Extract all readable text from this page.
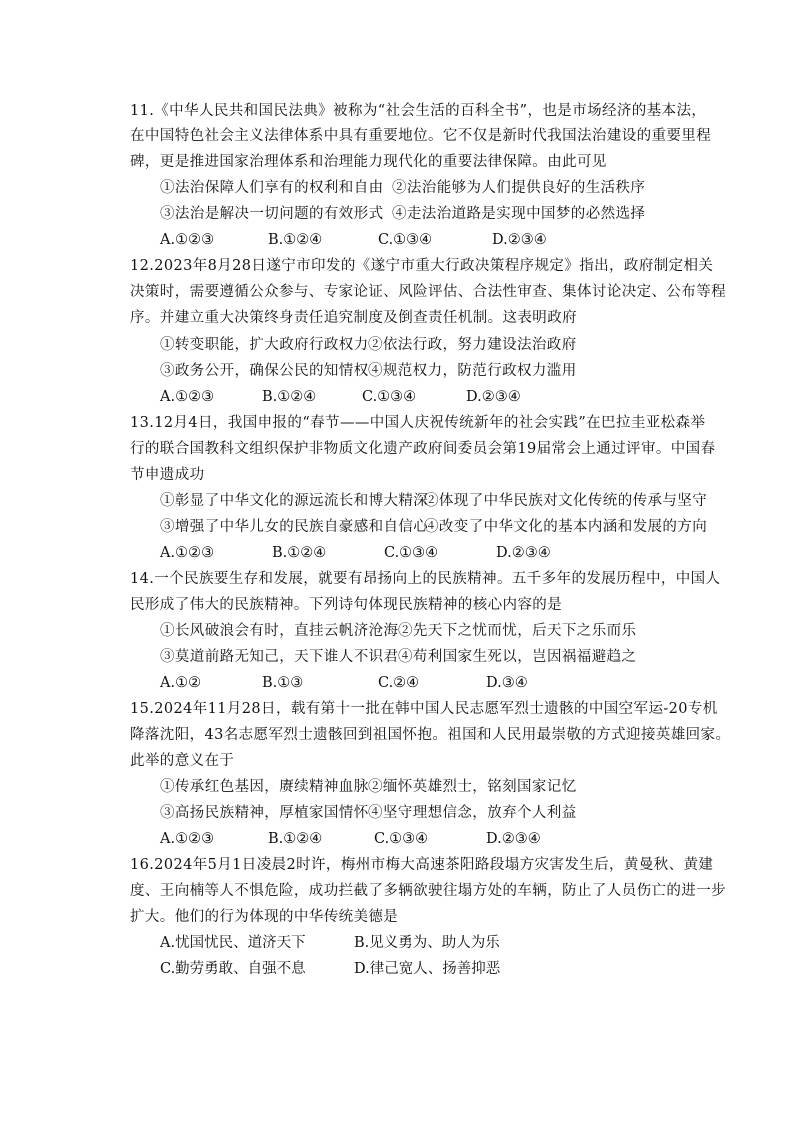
11.《中华人民共和国民法典》被称为“社会生活的百科全书”，也是市场经济的基本法，
在中国特色社会主义法律体系中具有重要地位。它不仅是新时代我国法治建设的重要里程
碑，更是推进国家治理体系和治理能力现代化的重要法律保障。由此可见
①法治保障人们享有的权利和自由 ②法治能够为人们提供良好的生活秩序
③法治是解决一切问题的有效形式 ④走法治道路是实现中国梦的必然选择
A.①②③	B.①②④	C.①③④	D.②③④
12.2023年8月28日遂宁市印发的《遂宁市重大行政决策程序规定》指出，政府制定相关
决策时，需要遵循公众参与、专家论证、风险评估、合法性审查、集体讨论决定、公布等程
序。并建立重大决策终身责任追究制度及倒查责任机制。这表明政府
①转变职能，扩大政府行政权力 ②依法行政，努力建设法治政府
③政务公开，确保公民的知情权 ④规范权力，防范行政权力滥用
A.①②③	B.①②④	C.①③④	D.②③④
13.12月4日，我国申报的“春节——中国人庆祝传统新年的社会实践”在巴拉圭亚松森举
行的联合国教科文组织保护非物质文化遗产政府间委员会第19届常会上通过评审。中国春
节申遗成功
①彰显了中华文化的源远流长和博大精深
②体现了中华民族对文化传统的传承与坚守
③增强了中华儿女的民族自豪感和自信心
④改变了中华文化的基本内涵和发展的方向
A.①②③	B.①②④	C.①③④	D.②③④
14.一个民族要生存和发展，就要有昂扬向上的民族精神。五千多年的发展历程中，中国人
民形成了伟大的民族精神。下列诗句体现民族精神的核心内容的是
①长风破浪会有时，直挂云帆济沧海 ②先天下之忧而忧，后天下之乐而乐
③莫道前路无知己，天下谁人不识君 ④苟利国家生死以，岂因祸福避趋之
A.①②	B.①③	C.②④	D.③④
15.2024年11月28日，载有第十一批在韩中国人民志愿军烈士遗骸的中国空军运-20专机
降落沈阳，43名志愿军烈士遗骸回到祖国怀抱。祖国和人民用最崇敬的方式迎接英雄回家。
此举的意义在于
①传承红色基因，赓续精神血脉 ②缅怀英雄烈士，铭刻国家记忆
③高扬民族精神，厚植家国情怀 ④坚守理想信念，放弃个人利益
A.①②③	B.①②④	C.①③④	D.②③④
16.2024年5月1日凌晨2时许，梅州市梅大高速茶阳路段塌方灾害发生后，黄曼秋、黄建
度、王向楠等人不惧危险，成功拦截了多辆欲驶往塌方处的车辆，防止了人员伤亡的进一步
扩大。他们的行为体现的中华传统美德是
A.忧国忧民、道济天下	B.见义勇为、助人为乐
C.勤劳勇敢、自强不息	D.律己宽人、扬善抑恶
